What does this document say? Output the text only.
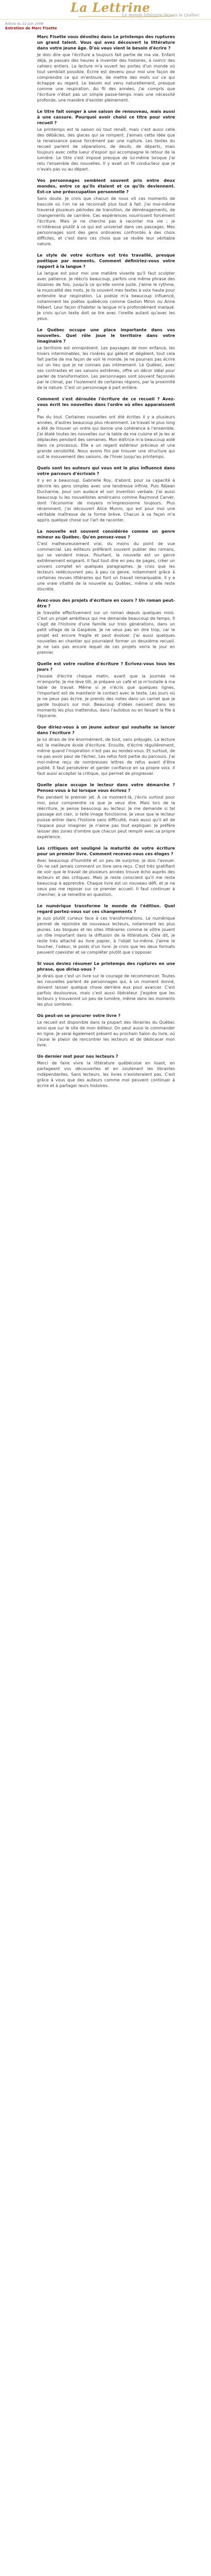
La Lettrine
Le monde littéraire depuis le Québec
Article du 22 juin 2008
Entretien de Marc Fisette

Marc Fisette vous dévoilez dans Le printemps des ruptures un grand talent. Vous qui avez découvert la littérature dans votre jeune âge. D'où vous vient le besoin d'écrire ?

Je dois dire que l'écriture a toujours fait partie de ma vie. Enfant déjà, je passais des heures à inventer des histoires, à noircir des cahiers entiers. La lecture m'a ouvert les portes d'un monde où tout semblait possible. Écrire est devenu pour moi une façon de comprendre ce qui m'entoure, de mettre des mots sur ce qui échappe au regard. Le besoin est venu naturellement, presque comme une respiration. Au fil des années, j'ai compris que l'écriture n'était pas un simple passe-temps mais une nécessité profonde, une manière d'exister pleinement.

Le titre fait songer à une saison de renouveau, mais aussi à une cassure. Pourquoi avoir choisi ce titre pour votre recueil ?

Le printemps est la saison où tout renaît, mais c'est aussi celle des débâcles, des glaces qui se rompent. J'aimais cette idée que la renaissance passe forcément par une rupture. Les textes du recueil parlent de séparations, de deuils, de départs, mais toujours avec cette lueur d'espoir qui accompagne le retour de la lumière. Le titre s'est imposé presque de lui-même lorsque j'ai relu l'ensemble des nouvelles. Il y avait un fil conducteur que je n'avais pas vu au départ.

Vos personnages semblent souvent pris entre deux mondes, entre ce qu'ils étaient et ce qu'ils deviennent. Est-ce une préoccupation personnelle ?

Sans doute. Je crois que chacun de nous vit ces moments de bascule où l'on ne se reconnaît plus tout à fait. J'ai moi-même traversé plusieurs périodes de transition, de déménagements, de changements de carrière. Ces expériences nourrissent forcément l'écriture. Mais je ne cherche pas à raconter ma vie ; je m'intéresse plutôt à ce qui est universel dans ces passages. Mes personnages sont des gens ordinaires confrontés à des choix difficiles, et c'est dans ces choix que se révèle leur véritable nature.

Le style de votre écriture est très travaillé, presque poétique par moments. Comment définiriez-vous votre rapport à la langue ?

La langue est pour moi une matière vivante qu'il faut sculpter avec patience. Je réécris beaucoup, parfois une même phrase des dizaines de fois, jusqu'à ce qu'elle sonne juste. J'aime le rythme, la musicalité des mots. Je lis souvent mes textes à voix haute pour entendre leur respiration. La poésie m'a beaucoup influencé, notamment les poètes québécois comme Gaston Miron ou Anne Hébert. Leur façon d'habiter la langue m'a profondément marqué. Je crois qu'un texte doit se lire avec l'oreille autant qu'avec les yeux.

Le Québec occupe une place importante dans vos nouvelles. Quel rôle joue le territoire dans votre imaginaire ?

Le territoire est omniprésent. Les paysages de mon enfance, les hivers interminables, les rivières qui gèlent et dégèlent, tout cela fait partie de ma façon de voir le monde. Je ne pourrais pas écrire sur un lieu que je ne connais pas intimement. Le Québec, avec ses contrastes et ses saisons extrêmes, offre un décor idéal pour parler de transformation. Les personnages sont souvent façonnés par le climat, par l'isolement de certaines régions, par la proximité de la nature. C'est un personnage à part entière.

Comment s'est déroulée l'écriture de ce recueil ? Avez-vous écrit les nouvelles dans l'ordre où elles apparaissent ?

Pas du tout. Certaines nouvelles ont été écrites il y a plusieurs années, d'autres beaucoup plus récemment. Le travail le plus long a été de trouver un ordre qui donne une cohérence à l'ensemble. J'ai étalé toutes les nouvelles sur la table de ma cuisine et je les ai déplacées pendant des semaines. Mon éditrice m'a beaucoup aidé dans ce processus. Elle a un regard extérieur précieux et une grande sensibilité. Nous avons fini par trouver une structure qui suit le mouvement des saisons, de l'hiver jusqu'au printemps.

Quels sont les auteurs qui vous ont le plus influencé dans votre parcours d'écrivain ?

Il y en a beaucoup. Gabrielle Roy, d'abord, pour sa capacité à décrire les gens simples avec une tendresse infinie. Puis Réjean Ducharme, pour son audace et son invention verbale. J'ai aussi beaucoup lu les nouvellistes américains comme Raymond Carver, dont l'économie de moyens m'impressionne toujours. Plus récemment, j'ai découvert Alice Munro, qui est pour moi une véritable maîtresse de la forme brève. Chacun à sa façon m'a appris quelque chose sur l'art de raconter.

La nouvelle est souvent considérée comme un genre mineur au Québec. Qu'en pensez-vous ?

C'est malheureusement vrai, du moins du point de vue commercial. Les éditeurs préfèrent souvent publier des romans, qui se vendent mieux. Pourtant, la nouvelle est un genre extrêmement exigeant. Il faut tout dire en peu de pages, créer un univers complet en quelques paragraphes. Je crois que les lecteurs redécouvrent peu à peu ce genre, notamment grâce à certaines revues littéraires qui font un travail remarquable. Il y a une vraie vitalité de la nouvelle au Québec, même si elle reste discrète.

Avez-vous des projets d'écriture en cours ? Un roman peut-être ?

Je travaille effectivement sur un roman depuis quelques mois. C'est un projet ambitieux qui me demande beaucoup de temps. Il s'agit de l'histoire d'une famille sur trois générations, dans un petit village de la Gaspésie. Je ne veux pas en dire trop, car le projet est encore fragile et peut évoluer. J'ai aussi quelques nouvelles en chantier qui pourraient former un deuxième recueil. Je ne sais pas encore lequel de ces projets verra le jour en premier.

Quelle est votre routine d'écriture ? Écrivez-vous tous les jours ?

J'essaie d'écrire chaque matin, avant que la journée ne m'emporte. Je me lève tôt, je prépare un café et je m'installe à ma table de travail. Même si je n'écris que quelques lignes, l'important est de maintenir le contact avec le texte. Les jours où je ne peux pas écrire, je prends des notes dans un carnet que je garde toujours sur moi. Beaucoup d'idées naissent dans les moments les plus inattendus, dans l'autobus ou en faisant la file à l'épicerie.

Que diriez-vous à un jeune auteur qui souhaite se lancer dans l'écriture ?

Je lui dirais de lire énormément, de tout, sans préjugés. La lecture est la meilleure école d'écriture. Ensuite, d'écrire régulièrement, même quand l'inspiration n'est pas au rendez-vous. Et surtout, de ne pas avoir peur de l'échec. Les refus font partie du parcours. J'ai moi-même reçu de nombreuses lettres de refus avant d'être publié. Il faut persévérer et garder confiance en sa propre voix. Il faut aussi accepter la critique, qui permet de progresser.

Quelle place occupe le lecteur dans votre démarche ? Pensez-vous à lui lorsque vous écrivez ?

Pas pendant le premier jet. À ce moment-là, j'écris surtout pour moi, pour comprendre ce que je veux dire. Mais lors de la réécriture, je pense beaucoup au lecteur. Je me demande si tel passage est clair, si telle image fonctionne. Je veux que le lecteur puisse entrer dans l'histoire sans difficulté, mais aussi qu'il ait de l'espace pour imaginer. Je n'aime pas tout expliquer. Je préfère laisser des zones d'ombre que chacun peut remplir avec sa propre expérience.

Les critiques ont souligné la maturité de votre écriture pour un premier livre. Comment recevez-vous ces éloges ?

Avec beaucoup d'humilité et un peu de surprise, je dois l'avouer. On ne sait jamais comment un livre sera reçu. C'est très gratifiant de voir que le travail de plusieurs années trouve écho auprès des lecteurs et des critiques. Mais je reste conscient qu'il me reste beaucoup à apprendre. Chaque livre est un nouveau défi, et je ne veux pas me reposer sur ce premier accueil. Il faut continuer à chercher, à se remettre en question.

Le numérique transforme le monde de l'édition. Quel regard portez-vous sur ces changements ?

Je suis plutôt curieux face à ces transformations. Le numérique permet de rejoindre de nouveaux lecteurs, notamment les plus jeunes. Les blogues et les sites littéraires comme le vôtre jouent un rôle important dans la diffusion de la littérature. Cela dit, je reste très attaché au livre papier, à l'objet lui-même. J'aime le toucher, l'odeur, le poids d'un livre. Je crois que les deux formats peuvent coexister et se compléter plutôt que s'opposer.

Si vous deviez résumer Le printemps des ruptures en une phrase, que diriez-vous ?

Je dirais que c'est un livre sur le courage de recommencer. Toutes les nouvelles parlent de personnages qui, à un moment donné, doivent laisser quelque chose derrière eux pour avancer. C'est parfois douloureux, mais c'est aussi libérateur. J'espère que les lecteurs y trouveront un peu de lumière, même dans les moments les plus sombres.

Où peut-on se procurer votre livre ?

Le recueil est disponible dans la plupart des librairies du Québec ainsi que sur le site de mon éditeur. On peut aussi le commander en ligne. Je serai également présent au prochain Salon du livre, où j'aurai le plaisir de rencontrer les lecteurs et de dédicacer mon livre.

Un dernier mot pour nos lecteurs ?

Merci de faire vivre la littérature québécoise en lisant, en partageant vos découvertes et en soutenant les librairies indépendantes. Sans lecteurs, les livres n'existeraient pas. C'est grâce à vous que des auteurs comme moi peuvent continuer à écrire et à partager leurs histoires.
